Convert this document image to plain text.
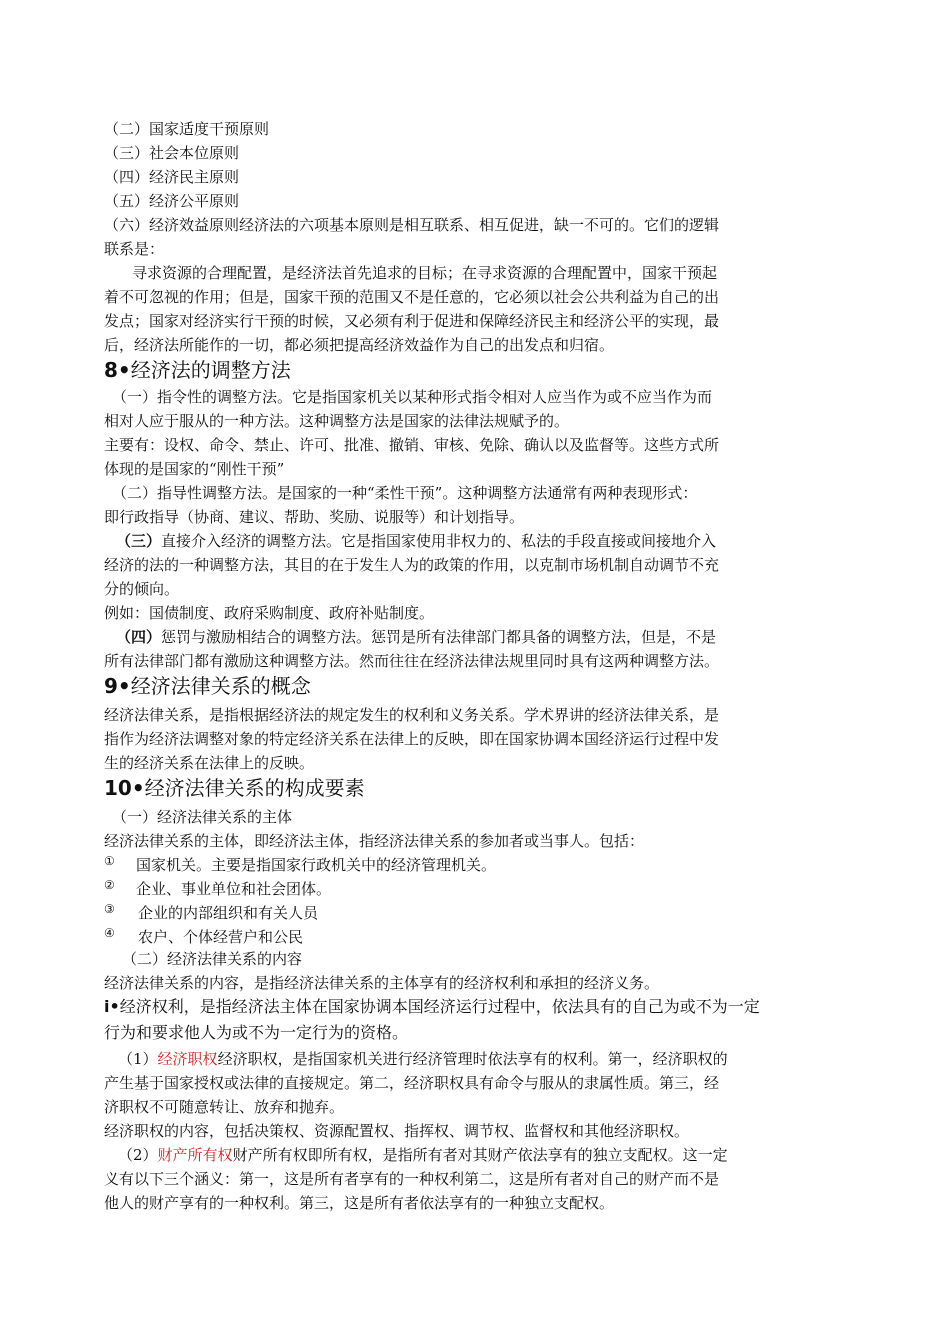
（二）国家适度干预原则
（三）社会本位原则
（四）经济民主原则
（五）经济公平原则
（六）经济效益原则经济法的六项基本原则是相互联系、相互促进，缺一不可的。它们的逻辑
联系是：
寻求资源的合理配置，是经济法首先追求的目标；在寻求资源的合理配置中，国家干预起
着不可忽视的作用；但是，国家干预的范围又不是任意的，它必须以社会公共利益为自己的出
发点；国家对经济实行干预的时候，又必须有利于促进和保障经济民主和经济公平的实现，最
后，经济法所能作的一切，都必须把提高经济效益作为自己的出发点和归宿。
8•经济法的调整方法
（一）指令性的调整方法。它是指国家机关以某种形式指令相对人应当作为或不应当作为而
相对人应于服从的一种方法。这种调整方法是国家的法律法规赋予的。
主要有：设权、命令、禁止、许可、批准、撤销、审核、免除、确认以及监督等。这些方式所
体现的是国家的“刚性干预”
（二）指导性调整方法。是国家的一种“柔性干预”。这种调整方法通常有两种表现形式：
即行政指导（协商、建议、帮助、奖励、说服等）和计划指导。
（三）直接介入经济的调整方法。它是指国家使用非权力的、私法的手段直接或间接地介入
经济的法的一种调整方法，其目的在于发生人为的政策的作用，以克制市场机制自动调节不充
分的倾向。
例如：国债制度、政府采购制度、政府补贴制度。
（四）惩罚与激励相结合的调整方法。惩罚是所有法律部门都具备的调整方法，但是，不是
所有法律部门都有激励这种调整方法。然而往往在经济法律法规里同时具有这两种调整方法。
9•经济法律关系的概念
经济法律关系，是指根据经济法的规定发生的权利和义务关系。学术界讲的经济法律关系，是
指作为经济法调整对象的特定经济关系在法律上的反映，即在国家协调本国经济运行过程中发
生的经济关系在法律上的反映。
10•经济法律关系的构成要素
（一）经济法律关系的主体
经济法律关系的主体，即经济法主体，指经济法律关系的参加者或当事人。包括：
① 国家机关。主要是指国家行政机关中的经济管理机关。
② 企业、事业单位和社会团体。
③ 企业的内部组织和有关人员
④ 农户、个体经营户和公民
（二）经济法律关系的内容
经济法律关系的内容，是指经济法律关系的主体享有的经济权利和承担的经济义务。
i•经济权利，是指经济法主体在国家协调本国经济运行过程中，依法具有的自己为或不为一定
行为和要求他人为或不为一定行为的资格。
（1）经济职权经济职权，是指国家机关进行经济管理时依法享有的权利。第一，经济职权的
产生基于国家授权或法律的直接规定。第二，经济职权具有命令与服从的隶属性质。第三，经
济职权不可随意转让、放弃和抛弃。
经济职权的内容，包括决策权、资源配置权、指挥权、调节权、监督权和其他经济职权。
（2）财产所有权财产所有权即所有权，是指所有者对其财产依法享有的独立支配权。这一定
义有以下三个涵义：第一，这是所有者享有的一种权利第二，这是所有者对自己的财产而不是
他人的财产享有的一种权利。第三，这是所有者依法享有的一种独立支配权。
